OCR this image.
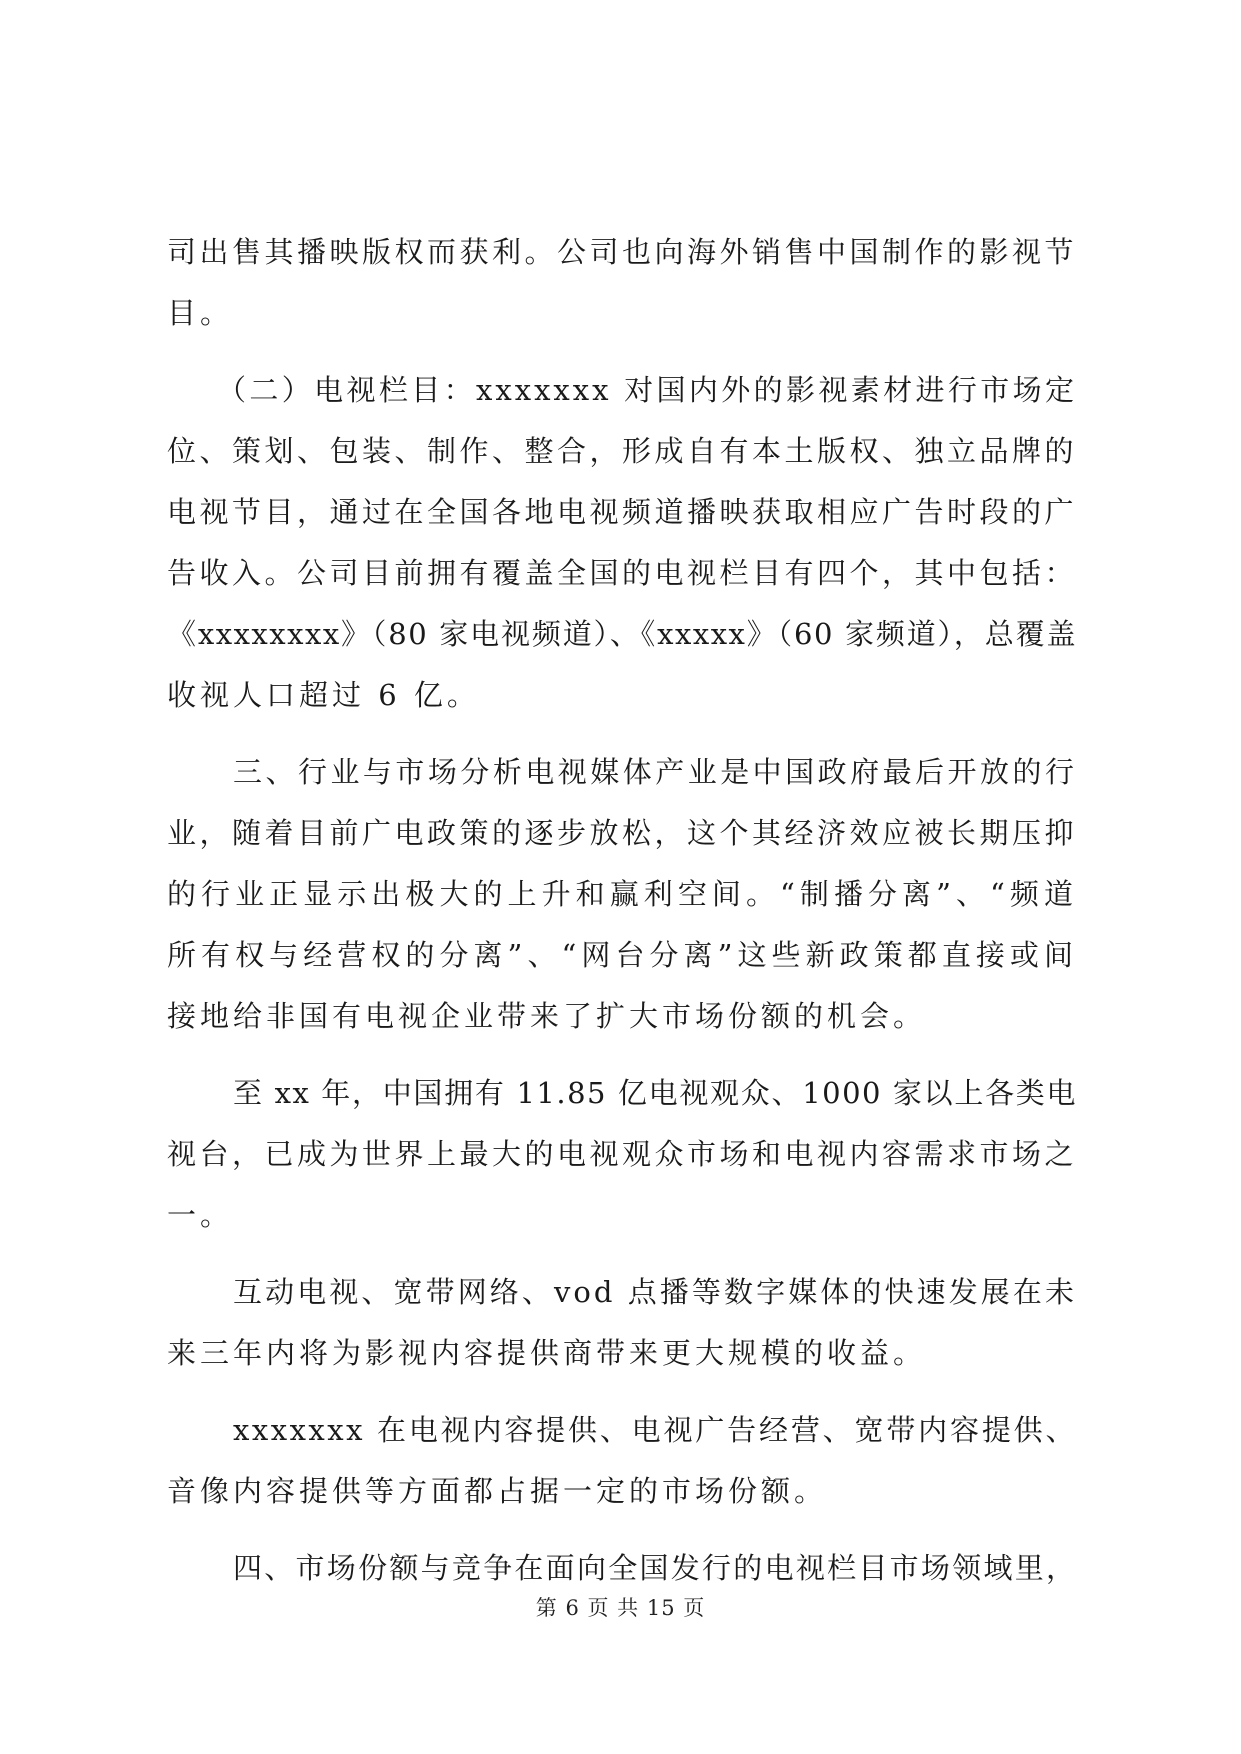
司出售其播映版权而获利。公司也向海外销售中国制作的影视节
目。
（二）电视栏目：xxxxxxx 对国内外的影视素材进行市场定
位、策划、包装、制作、整合，形成自有本土版权、独立品牌的
电视节目，通过在全国各地电视频道播映获取相应广告时段的广
告收入。公司目前拥有覆盖全国的电视栏目有四个，其中包括：
《xxxxxxxx》（80 家电视频道）、《xxxxx》（60 家频道），总覆盖
收视人口超过 6 亿。
三、行业与市场分析电视媒体产业是中国政府最后开放的行
业，随着目前广电政策的逐步放松，这个其经济效应被长期压抑
的行业正显示出极大的上升和赢利空间。“制播分离”、“频道
所有权与经营权的分离”、“网台分离”这些新政策都直接或间
接地给非国有电视企业带来了扩大市场份额的机会。
至 xx 年，中国拥有 11.85 亿电视观众、1000 家以上各类电
视台，已成为世界上最大的电视观众市场和电视内容需求市场之
一。
互动电视、宽带网络、vod 点播等数字媒体的快速发展在未
来三年内将为影视内容提供商带来更大规模的收益。
xxxxxxx 在电视内容提供、电视广告经营、宽带内容提供、
音像内容提供等方面都占据一定的市场份额。
四、市场份额与竞争在面向全国发行的电视栏目市场领域里，
第 6 页 共 15 页
